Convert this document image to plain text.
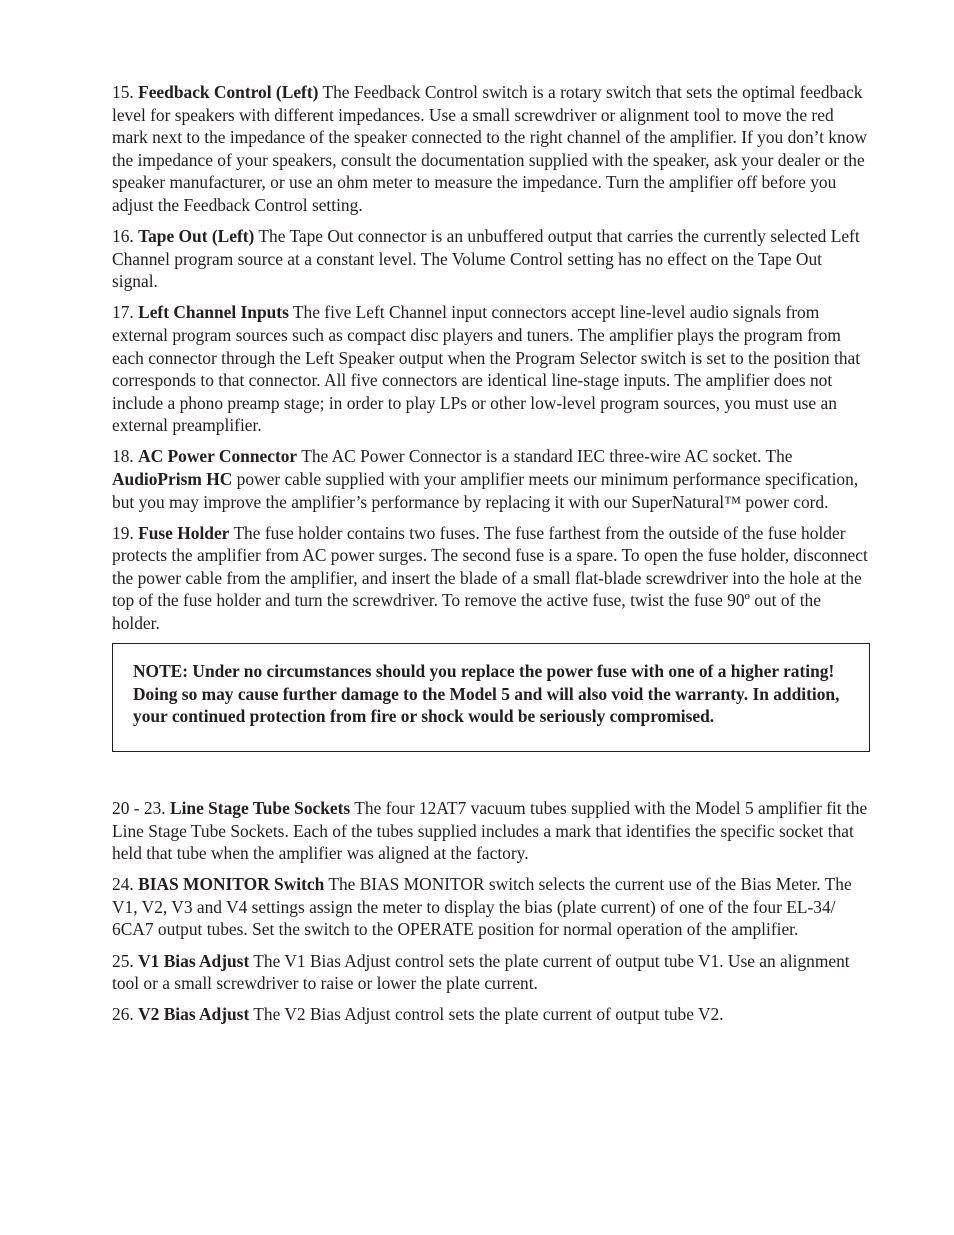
15. Feedback Control (Left) The Feedback Control switch is a rotary switch that sets the optimal feedback level for speakers with different impedances. Use a small screwdriver or alignment tool to move the red mark next to the impedance of the speaker connected to the right channel of the amplifier. If you don’t know the impedance of your speakers, consult the documentation supplied with the speaker, ask your dealer or the speaker manufacturer, or use an ohm meter to measure the impedance. Turn the amplifier off before you adjust the Feedback Control setting.

16. Tape Out (Left) The Tape Out connector is an unbuffered output that carries the currently selected Left Channel program source at a constant level. The Volume Control setting has no effect on the Tape Out signal.

17. Left Channel Inputs The five Left Channel input connectors accept line-level audio signals from external program sources such as compact disc players and tuners. The amplifier plays the program from each connector through the Left Speaker output when the Program Selector switch is set to the position that corresponds to that connector. All five connectors are identical line-stage inputs. The amplifier does not include a phono preamp stage; in order to play LPs or other low-level program sources, you must use an external preamplifier.

18. AC Power Connector The AC Power Connector is a standard IEC three-wire AC socket. The AudioPrism HC power cable supplied with your amplifier meets our minimum performance specification, but you may improve the amplifier’s performance by replacing it with our SuperNatural™ power cord.

19. Fuse Holder The fuse holder contains two fuses. The fuse farthest from the outside of the fuse holder protects the amplifier from AC power surges. The second fuse is a spare. To open the fuse holder, disconnect the power cable from the amplifier, and insert the blade of a small flat-blade screwdriver into the hole at the top of the fuse holder and turn the screwdriver. To remove the active fuse, twist the fuse 90º out of the holder.

NOTE: Under no circumstances should you replace the power fuse with one of a higher rating! Doing so may cause further damage to the Model 5 and will also void the warranty. In addition, your continued protection from fire or shock would be seriously compromised.

20 - 23. Line Stage Tube Sockets The four 12AT7 vacuum tubes supplied with the Model 5 amplifier fit the Line Stage Tube Sockets. Each of the tubes supplied includes a mark that identifies the specific socket that held that tube when the amplifier was aligned at the factory.

24. BIAS MONITOR Switch The BIAS MONITOR switch selects the current use of the Bias Meter. The V1, V2, V3 and V4 settings assign the meter to display the bias (plate current) of one of the four EL-34/ 6CA7 output tubes. Set the switch to the OPERATE position for normal operation of the amplifier.

25. V1 Bias Adjust The V1 Bias Adjust control sets the plate current of output tube V1. Use an alignment tool or a small screwdriver to raise or lower the plate current.

26. V2 Bias Adjust The V2 Bias Adjust control sets the plate current of output tube V2.
